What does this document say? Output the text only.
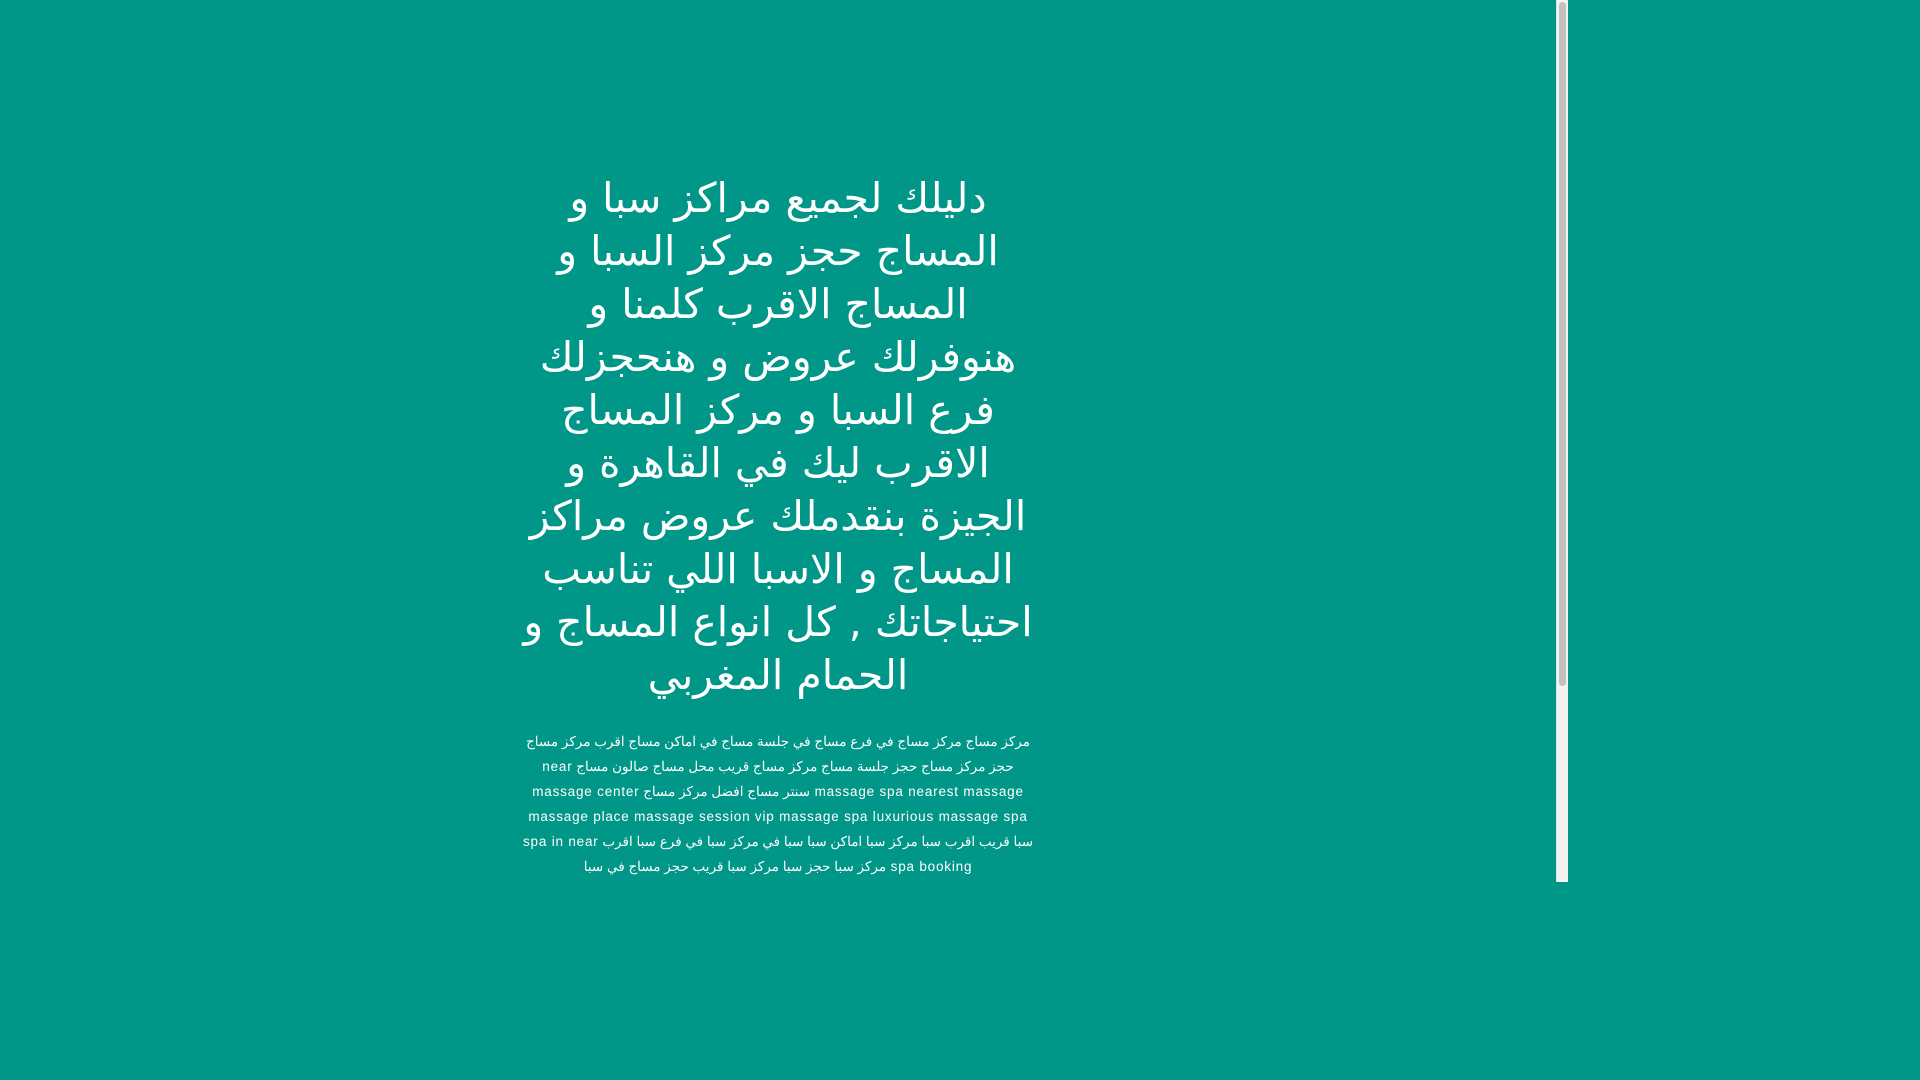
دليلك لجميع مراكز سبا و المساج حجز مركز السبا و المساج الاقرب كلمنا و هنوفرلك عروض و هنحجزلك فرع السبا و مركز المساج الاقرب ليك في القاهرة و الجيزة بنقدملك عروض مراكز المساج و الاسبا اللي تناسب احتياجاتك , كل انواع المساج و الحمام المغربي

مركز مساج مركز مساج في فرع مساج في جلسة مساج في اماكن مساج اقرب مركز مساج حجز مركز مساج حجز جلسة مساج مركز مساج قريب محل مساج صالون مساج near massage spa nearest massage سنتر مساج افضل مركز مساج massage center massage place massage session vip massage spa luxurious massage spa سبا قريب اقرب سبا مركز سبا اماكن سبا سبا في مركز سبا في فرع سبا اقرب spa in near spa booking مركز سبا حجز سبا مركز سبا قريب حجز مساج في سبا
